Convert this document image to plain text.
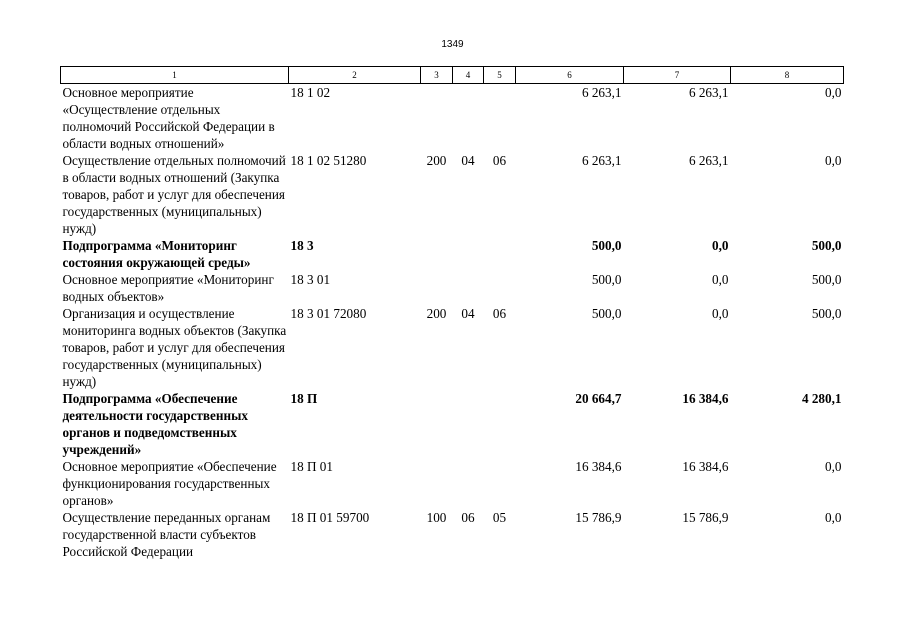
1349
1	2	3	4	5	6	7	8
Основное мероприятие «Осуществление отдельных полномочий Российской Федерации в области водных отношений»	18 1 02				6 263,1	6 263,1	0,0
Осуществление отдельных полномочий в области водных отношений (Закупка товаров, работ и услуг для обеспечения государственных (муниципальных) нужд)	18 1 02 51280	200	04	06	6 263,1	6 263,1	0,0
Подпрограмма «Мониторинг состояния окружающей среды»	18 3				500,0	0,0	500,0
Основное мероприятие «Мониторинг водных объектов»	18 3 01				500,0	0,0	500,0
Организация и осуществление мониторинга водных объектов (Закупка товаров, работ и услуг для обеспечения государственных (муниципальных) нужд)	18 3 01 72080	200	04	06	500,0	0,0	500,0
Подпрограмма «Обеспечение деятельности государственных органов и подведомственных учреждений»	18 П				20 664,7	16 384,6	4 280,1
Основное мероприятие «Обеспечение функционирования государственных органов»	18 П 01				16 384,6	16 384,6	0,0
Осуществление переданных органам государственной власти субъектов Российской Федерации	18 П 01 59700	100	06	05	15 786,9	15 786,9	0,0
